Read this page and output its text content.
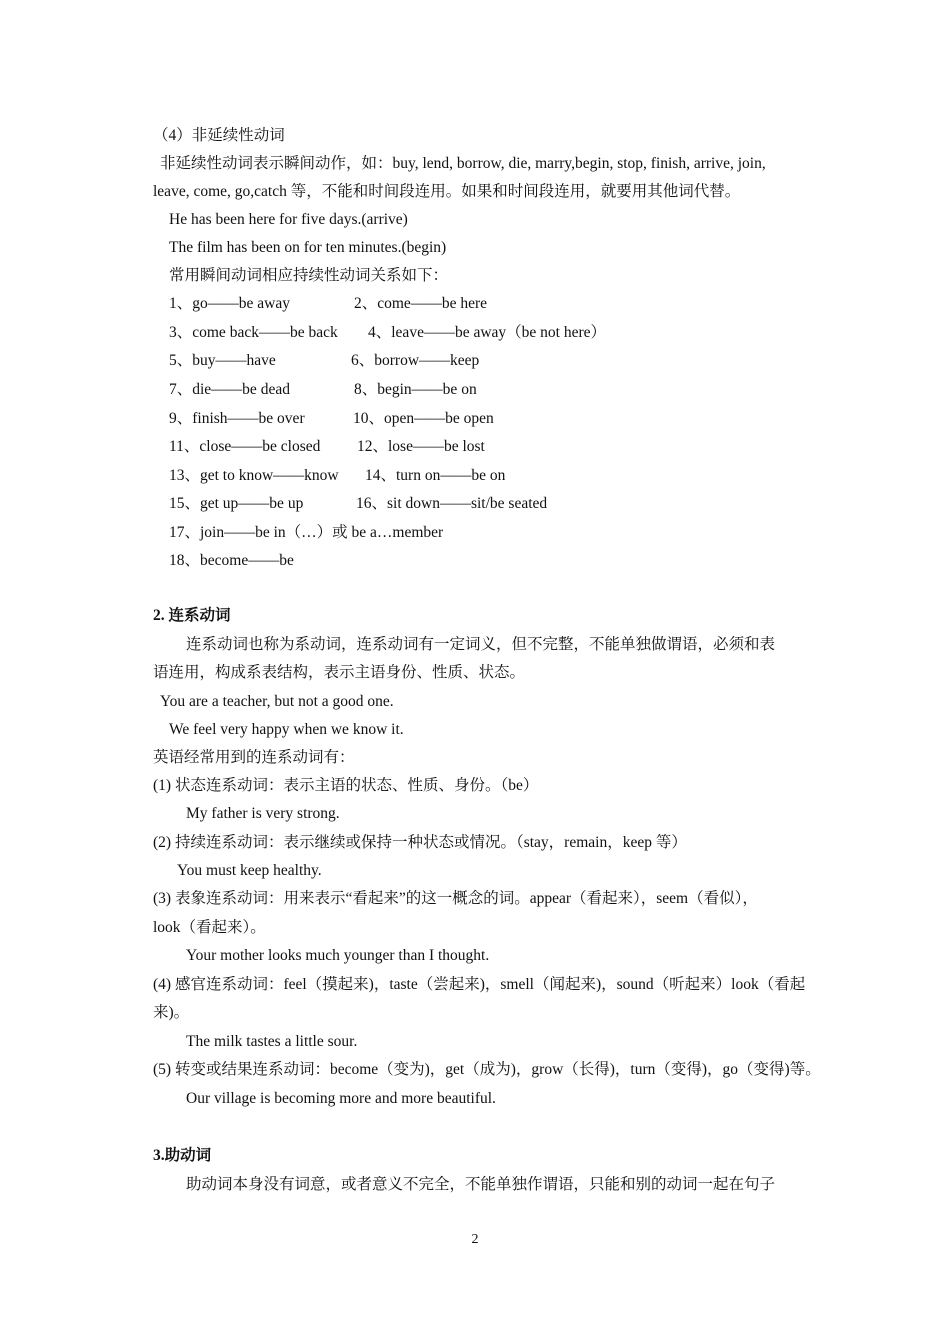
（4）非延续性动词
非延续性动词表示瞬间动作，如：buy, lend, borrow, die, marry,begin, stop, finish, arrive, join,
leave, come, go,catch 等，不能和时间段连用。如果和时间段连用，就要用其他词代替。
He has been here for five days.(arrive)
The film has been on for ten minutes.(begin)
常用瞬间动词相应持续性动词关系如下：
1、go——be away	2、come——be here
3、come back——be back 4、leave——be away（be not here）
5、buy——have	6、borrow——keep
7、die——be dead	8、begin——be on
9、finish——be over	10、open——be open
11、close——be closed 12、lose——be lost
13、get to know——know 14、turn on——be on
15、get up——be up	16、sit down——sit/be seated
17、join——be in（…）或 be a…member
18、become——be
2. 连系动词
连系动词也称为系动词，连系动词有一定词义，但不完整，不能单独做谓语，必须和表
语连用，构成系表结构，表示主语身份、性质、状态。
You are a teacher, but not a good one.
We feel very happy when we know it.
英语经常用到的连系动词有：
(1) 状态连系动词：表示主语的状态、性质、身份。（be）
My father is very strong.
(2) 持续连系动词：表示继续或保持一种状态或情况。（stay，remain，keep 等）
You must keep healthy.
(3) 表象连系动词：用来表示“看起来”的这一概念的词。appear（看起来），seem（看似），
look（看起来）。
Your mother looks much younger than I thought.
(4) 感官连系动词：feel（摸起来)，taste（尝起来)，smell（闻起来)，sound（听起来）look（看起
来)。
The milk tastes a little sour.
(5) 转变或结果连系动词：become（变为)，get（成为)，grow（长得)，turn（变得)，go（变得)等。
Our village is becoming more and more beautiful.
3.助动词
助动词本身没有词意，或者意义不完全，不能单独作谓语，只能和别的动词一起在句子
2
